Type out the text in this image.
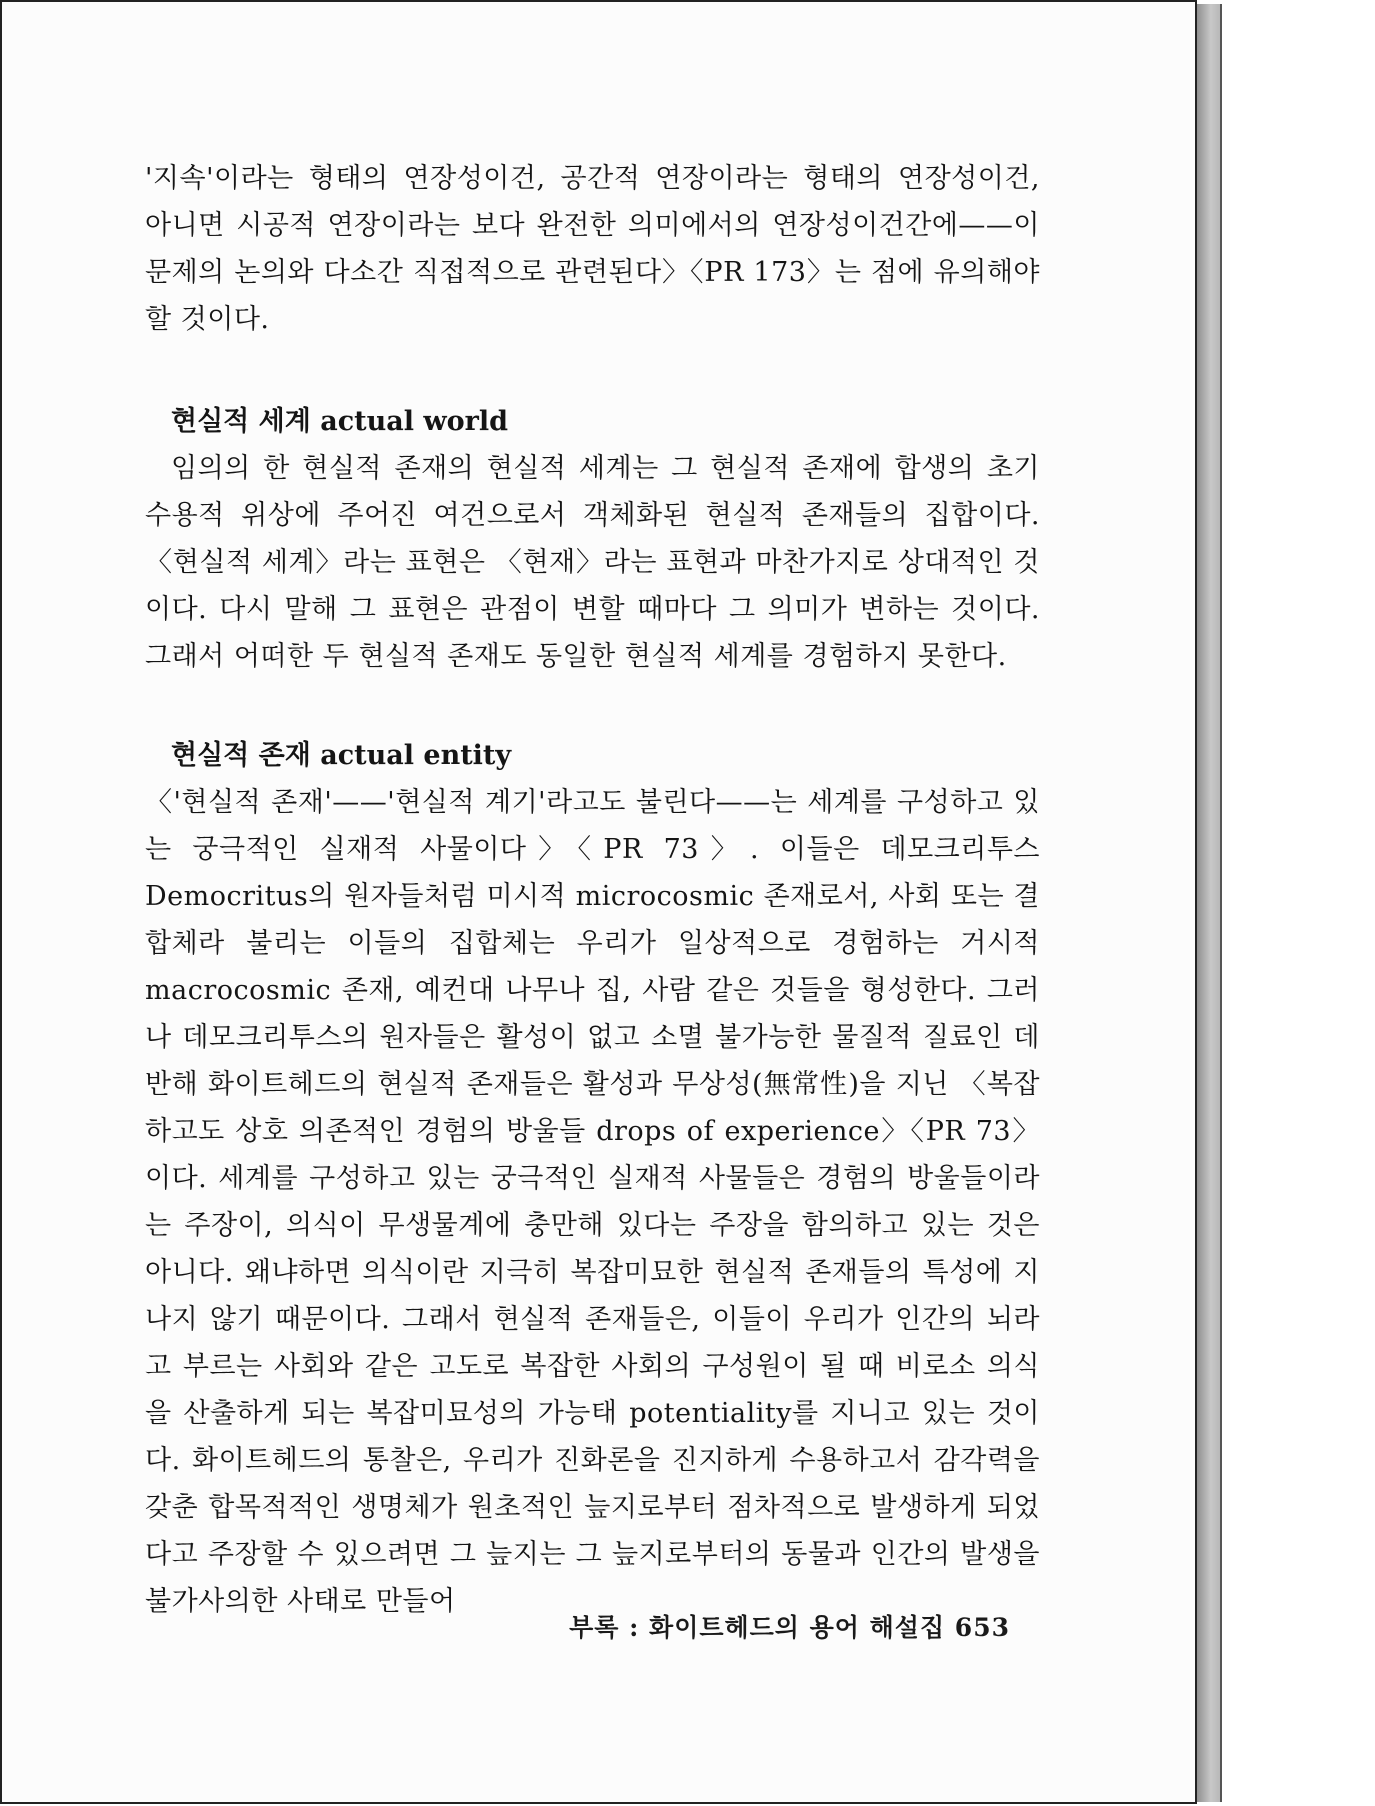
'지속'이라는 형태의 연장성이건, 공간적 연장이라는 형태의 연장성이건, 아니면 시공적 연장이라는 보다 완전한 의미에서의 연장성이건간에——이 문제의 논의와 다소간 직접적으로 관련된다〉〈PR 173〉는 점에 유의해야 할 것이다.

현실적 세계 actual world

임의의 한 현실적 존재의 현실적 세계는 그 현실적 존재에 합생의 초기 수용적 위상에 주어진 여건으로서 객체화된 현실적 존재들의 집합이다. 〈현실적 세계〉라는 표현은 〈현재〉라는 표현과 마찬가지로 상대적인 것이다. 다시 말해 그 표현은 관점이 변할 때마다 그 의미가 변하는 것이다. 그래서 어떠한 두 현실적 존재도 동일한 현실적 세계를 경험하지 못한다.

현실적 존재 actual entity

〈'현실적 존재'——'현실적 계기'라고도 불린다——는 세계를 구성하고 있는 궁극적인 실재적 사물이다〉〈PR 73〉. 이들은 데모크리투스 Democritus의 원자들처럼 미시적 microcosmic 존재로서, 사회 또는 결합체라 불리는 이들의 집합체는 우리가 일상적으로 경험하는 거시적 macrocosmic 존재, 예컨대 나무나 집, 사람 같은 것들을 형성한다. 그러나 데모크리투스의 원자들은 활성이 없고 소멸 불가능한 물질적 질료인 데 반해 화이트헤드의 현실적 존재들은 활성과 무상성(無常性)을 지닌 〈복잡하고도 상호 의존적인 경험의 방울들 drops of experience〉〈PR 73〉이다. 세계를 구성하고 있는 궁극적인 실재적 사물들은 경험의 방울들이라는 주장이, 의식이 무생물계에 충만해 있다는 주장을 함의하고 있는 것은 아니다. 왜냐하면 의식이란 지극히 복잡미묘한 현실적 존재들의 특성에 지나지 않기 때문이다. 그래서 현실적 존재들은, 이들이 우리가 인간의 뇌라고 부르는 사회와 같은 고도로 복잡한 사회의 구성원이 될 때 비로소 의식을 산출하게 되는 복잡미묘성의 가능태 potentiality를 지니고 있는 것이다. 화이트헤드의 통찰은, 우리가 진화론을 진지하게 수용하고서 감각력을 갖춘 합목적적인 생명체가 원초적인 늪지로부터 점차적으로 발생하게 되었다고 주장할 수 있으려면 그 늪지는 그 늪지로부터의 동물과 인간의 발생을 불가사의한 사태로 만들어

부록 : 화이트헤드의 용어 해설집 653
